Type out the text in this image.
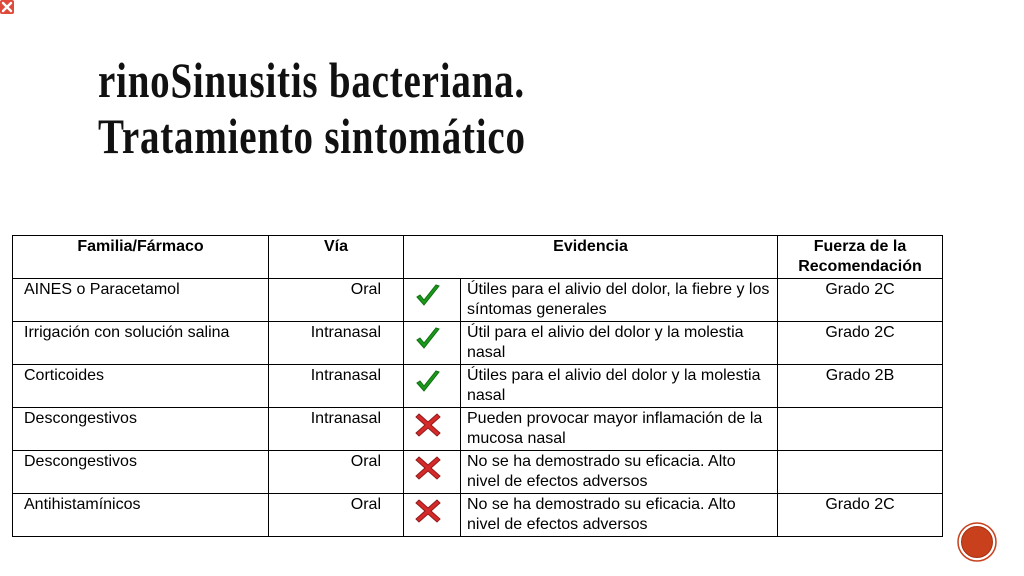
rinoSinusitis bacteriana.
Tratamiento sintomático
Familia/Fármaco	Vía	Evidencia		Fuerza de la Recomendación
AINES o Paracetamol	Oral		Útiles para el alivio del dolor, la fiebre y los síntomas generales	Grado 2C
Irrigación con solución salina	Intranasal		Útil para el alivio del dolor y la molestia nasal	Grado 2C
Corticoides	Intranasal		Útiles para el alivio del dolor y la molestia nasal	Grado 2B
Descongestivos	Intranasal		Pueden provocar mayor inflamación de la mucosa nasal	
Descongestivos	Oral		No se ha demostrado su eficacia. Alto nivel de efectos adversos	
Antihistamínicos	Oral		No se ha demostrado su eficacia. Alto nivel de efectos adversos	Grado 2C
